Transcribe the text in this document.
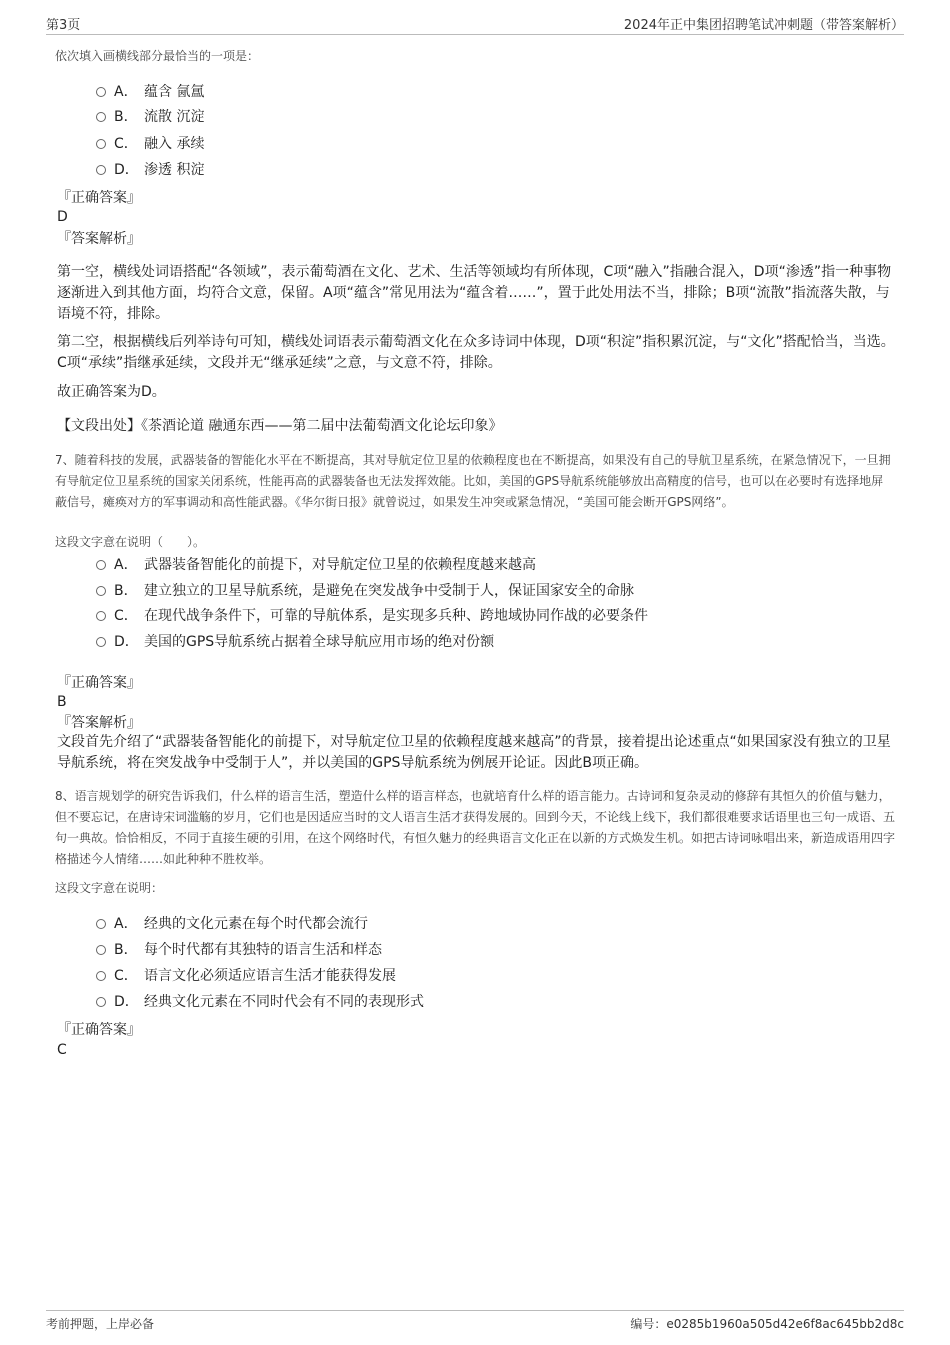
第3页	2024年正中集团招聘笔试冲刺题（带答案解析）
依次填入画横线部分最恰当的一项是：
A． 蕴含 氤氲
B． 流散 沉淀
C． 融入 承续
D． 渗透 积淀
『正确答案』
D
『答案解析』
第一空，横线处词语搭配“各领域”，表示葡萄酒在文化、艺术、生活等领域均有所体现，C项“融入”指融合混入，D项“渗透”指一种事物逐渐进入到其他方面，均符合文意，保留。A项“蕴含”常见用法为“蕴含着……”，置于此处用法不当，排除；B项“流散”指流落失散，与语境不符，排除。
第二空，根据横线后列举诗句可知，横线处词语表示葡萄酒文化在众多诗词中体现，D项“积淀”指积累沉淀，与“文化”搭配恰当，当选。C项“承续”指继承延续，文段并无“继承延续”之意，与文意不符，排除。
故正确答案为D。
【文段出处】《茶酒论道 融通东西——第二届中法葡萄酒文化论坛印象》
7、随着科技的发展，武器装备的智能化水平在不断提高，其对导航定位卫星的依赖程度也在不断提高，如果没有自己的导航卫星系统，在紧急情况下，一旦拥有导航定位卫星系统的国家关闭系统，性能再高的武器装备也无法发挥效能。比如，美国的GPS导航系统能够放出高精度的信号，也可以在必要时有选择地屏蔽信号，瘫痪对方的军事调动和高性能武器。《华尔街日报》就曾说过，如果发生冲突或紧急情况，“美国可能会断开GPS网络”。
这段文字意在说明（　　）。
A． 武器装备智能化的前提下，对导航定位卫星的依赖程度越来越高
B． 建立独立的卫星导航系统，是避免在突发战争中受制于人，保证国家安全的命脉
C． 在现代战争条件下，可靠的导航体系，是实现多兵种、跨地域协同作战的必要条件
D． 美国的GPS导航系统占据着全球导航应用市场的绝对份额
『正确答案』
B
『答案解析』
文段首先介绍了“武器装备智能化的前提下，对导航定位卫星的依赖程度越来越高”的背景，接着提出论述重点“如果国家没有独立的卫星导航系统，将在突发战争中受制于人”，并以美国的GPS导航系统为例展开论证。因此B项正确。
8、语言规划学的研究告诉我们，什么样的语言生活，塑造什么样的语言样态，也就培育什么样的语言能力。古诗词和复杂灵动的修辞有其恒久的价值与魅力，但不要忘记，在唐诗宋词滥觞的岁月，它们也是因适应当时的文人语言生活才获得发展的。回到今天，不论线上线下，我们都很难要求话语里也三句一成语、五句一典故。恰恰相反，不同于直接生硬的引用，在这个网络时代，有恒久魅力的经典语言文化正在以新的方式焕发生机。如把古诗词咏唱出来，新造成语用四字格描述今人情绪……如此种种不胜枚举。
这段文字意在说明：
A． 经典的文化元素在每个时代都会流行
B． 每个时代都有其独特的语言生活和样态
C． 语言文化必须适应语言生活才能获得发展
D． 经典文化元素在不同时代会有不同的表现形式
『正确答案』
C
考前押题，上岸必备	编号：e0285b1960a505d42e6f8ac645bb2d8c
